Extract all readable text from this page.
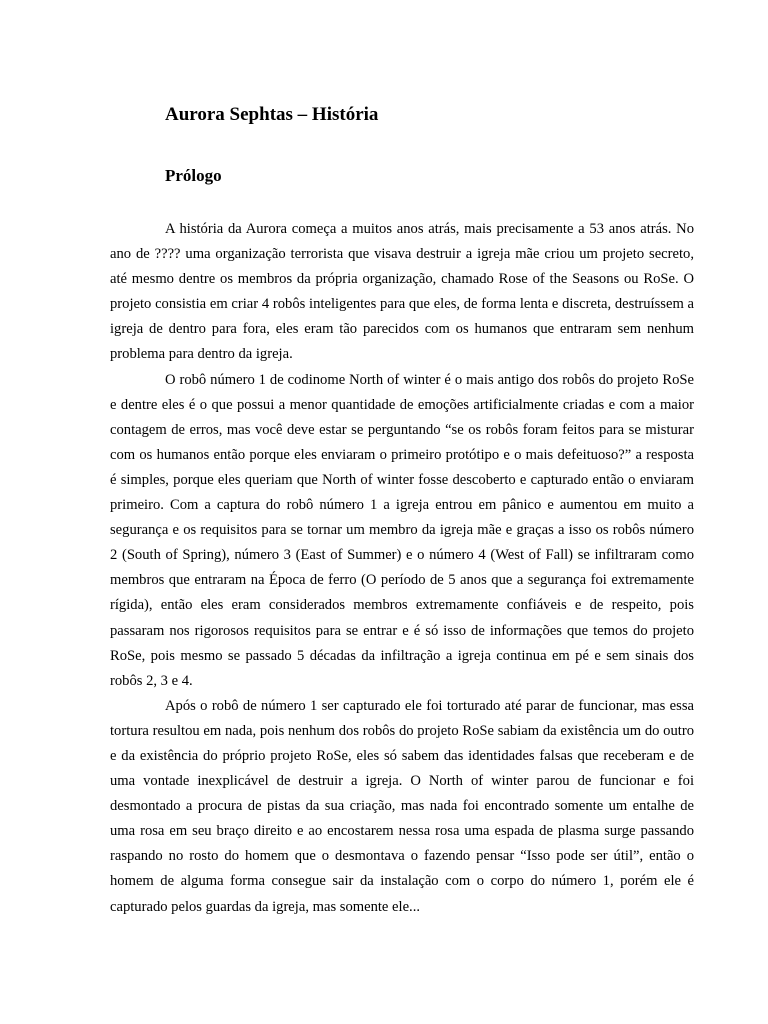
Aurora Sephtas – História
Prólogo

A história da Aurora começa a muitos anos atrás, mais precisamente a 53 anos atrás. No ano de ???? uma organização terrorista que visava destruir a igreja mãe criou um projeto secreto, até mesmo dentre os membros da própria organização, chamado Rose of the Seasons ou RoSe. O projeto consistia em criar 4 robôs inteligentes para que eles, de forma lenta e discreta, destruíssem a igreja de dentro para fora, eles eram tão parecidos com os humanos que entraram sem nenhum problema para dentro da igreja.

O robô número 1 de codinome North of winter é o mais antigo dos robôs do projeto RoSe e dentre eles é o que possui a menor quantidade de emoções artificialmente criadas e com a maior contagem de erros, mas você deve estar se perguntando “se os robôs foram feitos para se misturar com os humanos então porque eles enviaram o primeiro protótipo e o mais defeituoso?” a resposta é simples, porque eles queriam que North of winter fosse descoberto e capturado então o enviaram primeiro. Com a captura do robô número 1 a igreja entrou em pânico e aumentou em muito a segurança e os requisitos para se tornar um membro da igreja mãe e graças a isso os robôs número 2 (South of Spring), número 3 (East of Summer) e o número 4 (West of Fall) se infiltraram como membros que entraram na Época de ferro (O período de 5 anos que a segurança foi extremamente rígida), então eles eram considerados membros extremamente confiáveis e de respeito, pois passaram nos rigorosos requisitos para se entrar e é só isso de informações que temos do projeto RoSe, pois mesmo se passado 5 décadas da infiltração a igreja continua em pé e sem sinais dos robôs 2, 3 e 4.

Após o robô de número 1 ser capturado ele foi torturado até parar de funcionar, mas essa tortura resultou em nada, pois nenhum dos robôs do projeto RoSe sabiam da existência um do outro e da existência do próprio projeto RoSe, eles só sabem das identidades falsas que receberam e de uma vontade inexplicável de destruir a igreja. O North of winter parou de funcionar e foi desmontado a procura de pistas da sua criação, mas nada foi encontrado somente um entalhe de uma rosa em seu braço direito e ao encostarem nessa rosa uma espada de plasma surge passando raspando no rosto do homem que o desmontava o fazendo pensar “Isso pode ser útil”, então o homem de alguma forma consegue sair da instalação com o corpo do número 1, porém ele é capturado pelos guardas da igreja, mas somente ele...
